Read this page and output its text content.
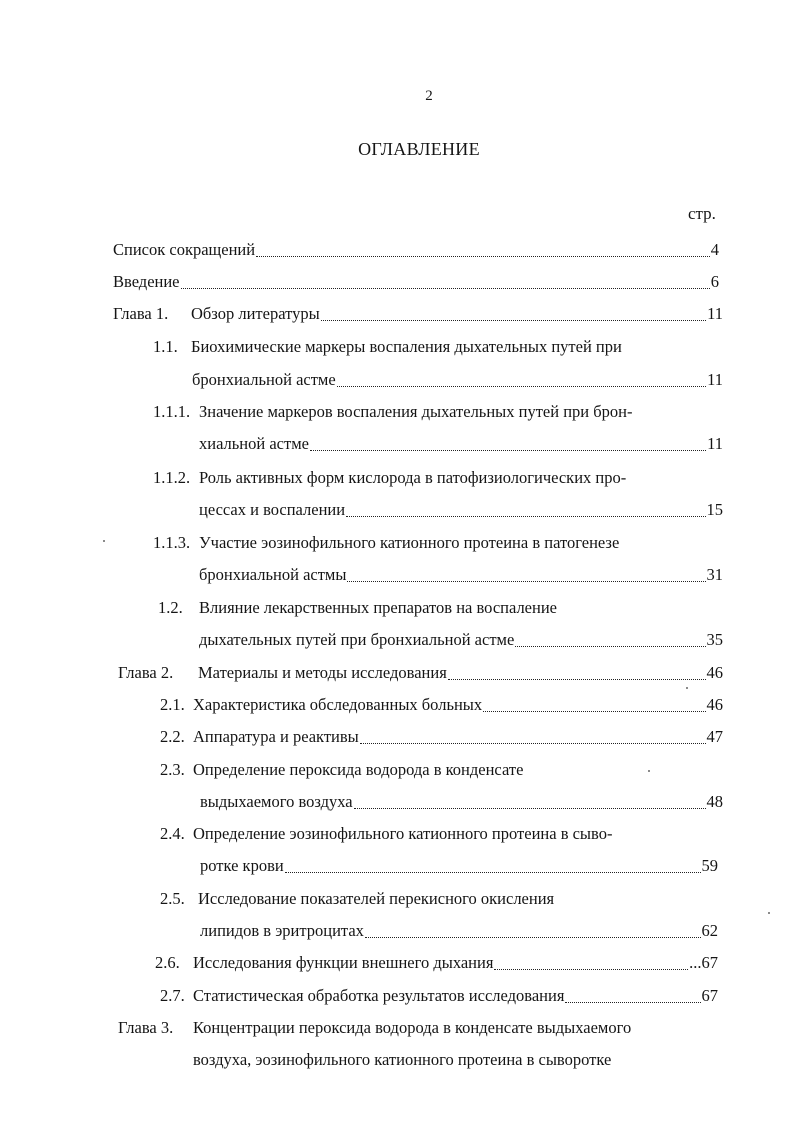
2
ОГЛАВЛЕНИЕ
стр.
Список сокращений	4
Введение	6
Глава 1.	Обзор литературы	11
1.1. Биохимические маркеры воспаления дыхательных путей при
бронхиальной астме	11
1.1.1. Значение маркеров воспаления дыхательных путей при брон-
хиальной астме	11
1.1.2. Роль активных форм кислорода в патофизиологических про-
цессах и воспалении	15
1.1.3. Участие эозинофильного катионного протеина в патогенезе
бронхиальной астмы	31
1.2. Влияние лекарственных препаратов на воспаление
дыхательных путей при бронхиальной астме	35
Глава 2.	Материалы и методы исследования	46
2.1. Характеристика обследованных больных	46
2.2. Аппаратура и реактивы	47
2.3. Определение пероксида водорода в конденсате
выдыхаемого воздуха	48
2.4. Определение эозинофильного катионного протеина в сыво-
ротке крови	59
2.5. Исследование показателей перекисного окисления
липидов в эритроцитах	62
2.6. Исследования функции внешнего дыхания	...67
2.7. Статистическая обработка результатов исследования	67
Глава 3.	Концентрации пероксида водорода в конденсате выдыхаемого
воздуха, эозинофильного катионного протеина в сыворотке
